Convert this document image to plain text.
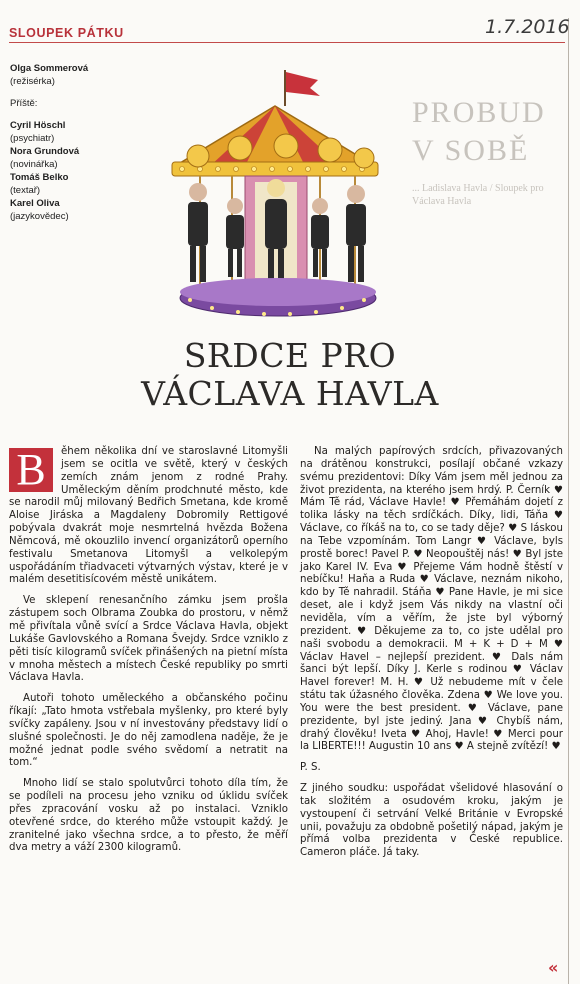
SLOUPEK PÁTKU	1.7.2016
Olga Sommerová
(režisérka)
Příště:
Cyril Höschl
(psychiatr)
Nora Grundová
(novinářka)
Tomáš Belko
(textař)
Karel Oliva
(jazykovědec)
PROBUD
V SOBĚ
... Ladislava Havla / Sloupek pro Václava Havla
SRDCE PRO
VÁCLAVA HAVLA

B	ěhem několika dní ve staroslavné Litomyšli jsem se ocitla ve světě, který v českých zemích znám jenom z rodné Prahy. Uměleckým děním prodchnuté město, kde se narodil můj milovaný Bedřich Smetana, kde kromě Aloise Jiráska a Magdaleny Dobromily Rettigové pobývala dvakrát moje nesmrtelná hvězda Božena Němcová, mě okouzlilo invencí organizátorů operního festivalu Smetanova Litomyšl a velkolepým uspořádáním třiadvaceti výtvarných výstav, které je v malém desetitisícovém městě unikátem.

Ve sklepení renesančního zámku jsem prošla zástupem soch Olbrama Zoubka do prostoru, v němž mě přivítala vůně svící a Srdce Václava Havla, objekt Lukáše Gavlovského a Romana Švejdy. Srdce vzniklo z pěti tisíc kilogramů svíček přinášených na pietní místa v mnoha městech a místech České republiky po smrti Václava Havla.

Autoři tohoto uměleckého a občanského počinu říkají: „Tato hmota vstřebala myšlenky, pro které byly svíčky zapáleny. Jsou v ní investovány představy lidí o slušné společnosti. Je do něj zamodlena naděje, že je možné jednat podle svého svědomí a netratit na tom.“

Mnoho lidí se stalo spolutvůrci tohoto díla tím, že se podíleli na procesu jeho vzniku od úklidu svíček přes zpracování vosku až po instalaci. Vzniklo otevřené srdce, do kterého může vstoupit každý. Je zranitelné jako všechna srdce, a to přesto, že měří dva metry a váží 2300 kilogramů.

Na malých papírových srdcích, přivazovaných na drátěnou konstrukci, posílají občané vzkazy svému prezidentovi: Díky Vám jsem měl jednou za život prezidenta, na kterého jsem hrdý. P. Černík ♥ Mám Tě rád, Václave Havle! ♥ Přemáhám dojetí z tolika lásky na těch srdíčkách. Díky, lidi, Táňa ♥ Václave, co říkáš na to, co se tady děje? ♥ S láskou na Tebe vzpomínám. Tom Langr ♥ Václave, byls prostě borec! Pavel P. ♥ Neopouštěj nás! ♥ Byl jste jako Karel IV. Eva ♥ Přejeme Vám hodně štěstí v nebíčku! Haňa a Ruda ♥ Václave, neznám nikoho, kdo by Tě nahradil. Stáňa ♥ Pane Havle, je mi sice deset, ale i když jsem Vás nikdy na vlastní oči neviděla, vím a věřím, že jste byl výborný prezident. ♥ Děkujeme za to, co jste udělal pro naši svobodu a demokracii. M + K + D + M ♥ Václav Havel – nejlepší prezident. ♥ Dals nám šanci být lepší. Díky J. Kerle s rodinou ♥ Václav Havel forever! M. H. ♥ Už nebudeme mít v čele státu tak úžasného člověka. Zdena ♥ We love you. You were the best president. ♥ Václave, pane prezidente, byl jste jediný. Jana ♥ Chybíš nám, drahý člověku! Iveta ♥ Ahoj, Havle! ♥ Merci pour la LIBERTE!!! Augustin 10 ans ♥ A stejně zvítězí! ♥

P. S.

Z jiného soudku: uspořádat všelidové hlasování o tak složitém a osudovém kroku, jakým je vystoupení či setrvání Velké Británie v Evropské unii, považuju za obdobně pošetilý nápad, jakým je přímá volba prezidenta v České republice. Cameron pláče. Já taky.

«
